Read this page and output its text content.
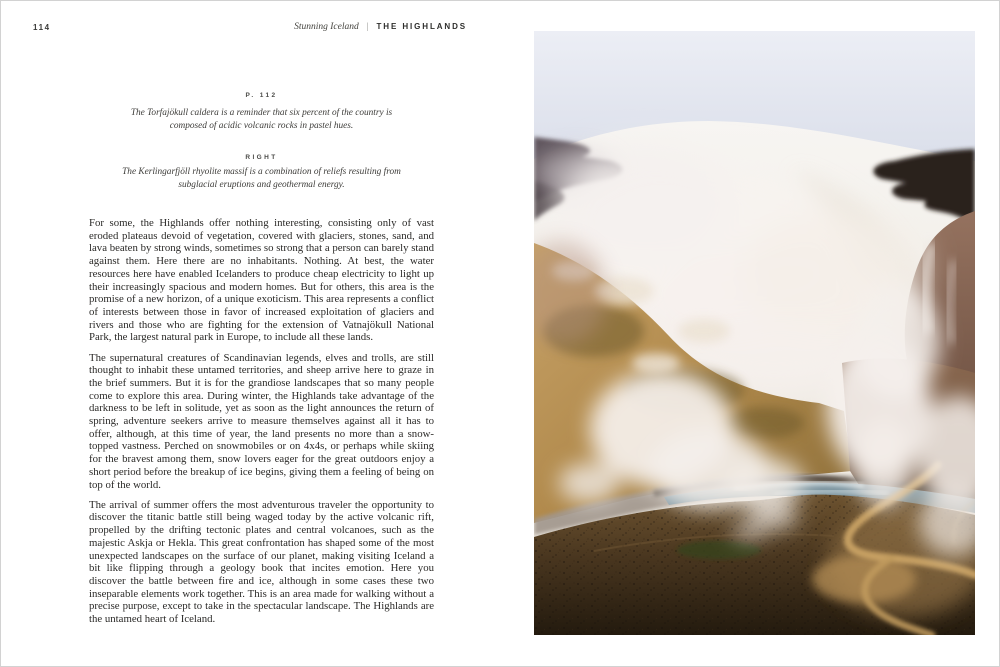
114	Stunning Iceland | THE HIGHLANDS
P. 112
The Torfajökull caldera is a reminder that six percent of the country is composed of acidic volcanic rocks in pastel hues.
RIGHT
The Kerlingarfjöll rhyolite massif is a combination of reliefs resulting from subglacial eruptions and geothermal energy.

For some, the Highlands offer nothing interesting, consisting only of vast eroded plateaus devoid of vegetation, covered with glaciers, stones, sand, and lava beaten by strong winds, sometimes so strong that a person can barely stand against them. Here there are no inhabitants. Nothing. At best, the water resources here have enabled Icelanders to produce cheap electricity to light up their increasingly spacious and modern homes. But for others, this area is the promise of a new horizon, of a unique exoticism. This area represents a conflict of interests between those in favor of increased exploitation of glaciers and rivers and those who are fighting for the extension of Vatnajökull National Park, the largest natural park in Europe, to include all these lands.

The supernatural creatures of Scandinavian legends, elves and trolls, are still thought to inhabit these untamed territories, and sheep arrive here to graze in the brief summers. But it is for the grandiose landscapes that so many people come to explore this area. During winter, the Highlands take advantage of the darkness to be left in solitude, yet as soon as the light announces the return of spring, adventure seekers arrive to measure themselves against all it has to offer, although, at this time of year, the land presents no more than a snow-topped vastness. Perched on snowmobiles or on 4x4s, or perhaps while skiing for the bravest among them, snow lovers eager for the great outdoors enjoy a short period before the breakup of ice begins, giving them a feeling of being on top of the world.

The arrival of summer offers the most adventurous traveler the opportunity to discover the titanic battle still being waged today by the active volcanic rift, propelled by the drifting tectonic plates and central volcanoes, such as the majestic Askja or Hekla. This great confrontation has shaped some of the most unexpected landscapes on the surface of our planet, making visiting Iceland a bit like flipping through a geology book that incites emotion. Here you discover the battle between fire and ice, although in some cases these two inseparable elements work together. This is an area made for walking without a precise purpose, except to take in the spectacular landscape. The Highlands are the untamed heart of Iceland.
